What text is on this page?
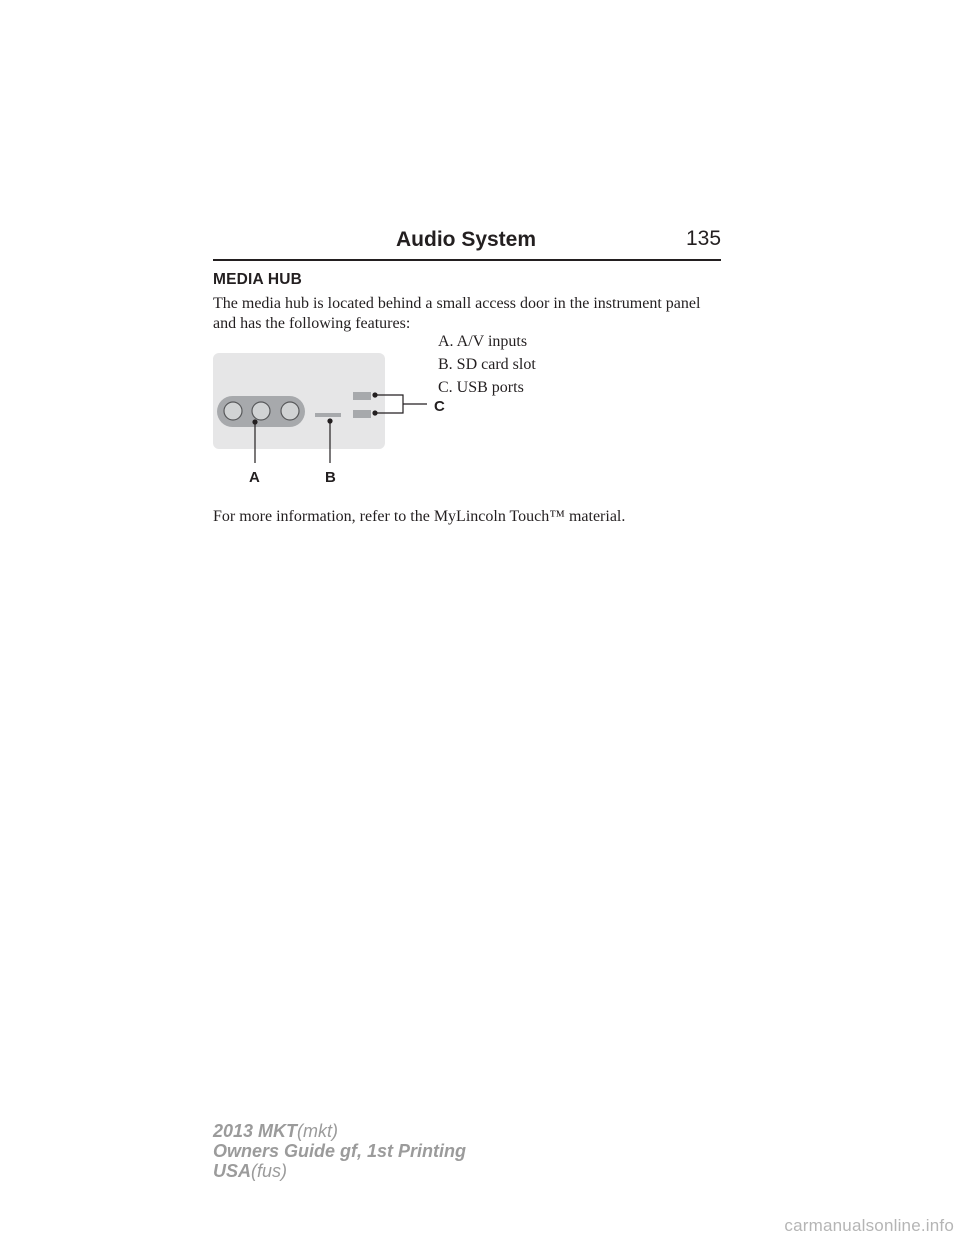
Audio System	135
MEDIA HUB
The media hub is located behind a small access door in the instrument panel and has the following features:
A. A/V inputs
B. SD card slot
C. USB ports
A	B
C
For more information, refer to the MyLincoln Touch™ material.
2013 MKT(mkt)
Owners Guide gf, 1st Printing
USA(fus)
carmanualsonline.info
